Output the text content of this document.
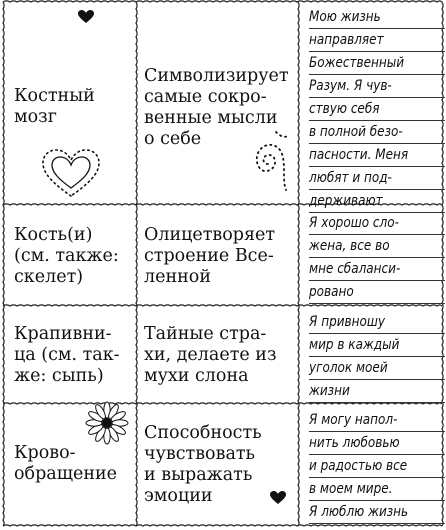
Костный
мозг
Символизирует
самые сокро-
венные мысли
о себе
Мою жизнь
направляет
Божественный
Разум. Я чув-
ствую себя
в полной безо-
пасности. Меня
любят и под-
держивают
Кость(и)
(см. также:
скелет)
Олицетворяет
строение Все-
ленной
Я хорошо сло-
жена, все во
мне сбаланси-
ровано
Крапивни-
ца (см. так-
же: сыпь)
Тайные стра-
хи, делаете из
мухи слона
Я привношу
мир в каждый
уголок моей
жизни
Крово-
обращение
Способность
чувствовать
и выражать
эмоции
Я могу напол-
нить любовью
и радостью все
в моем мире.
Я люблю жизнь
